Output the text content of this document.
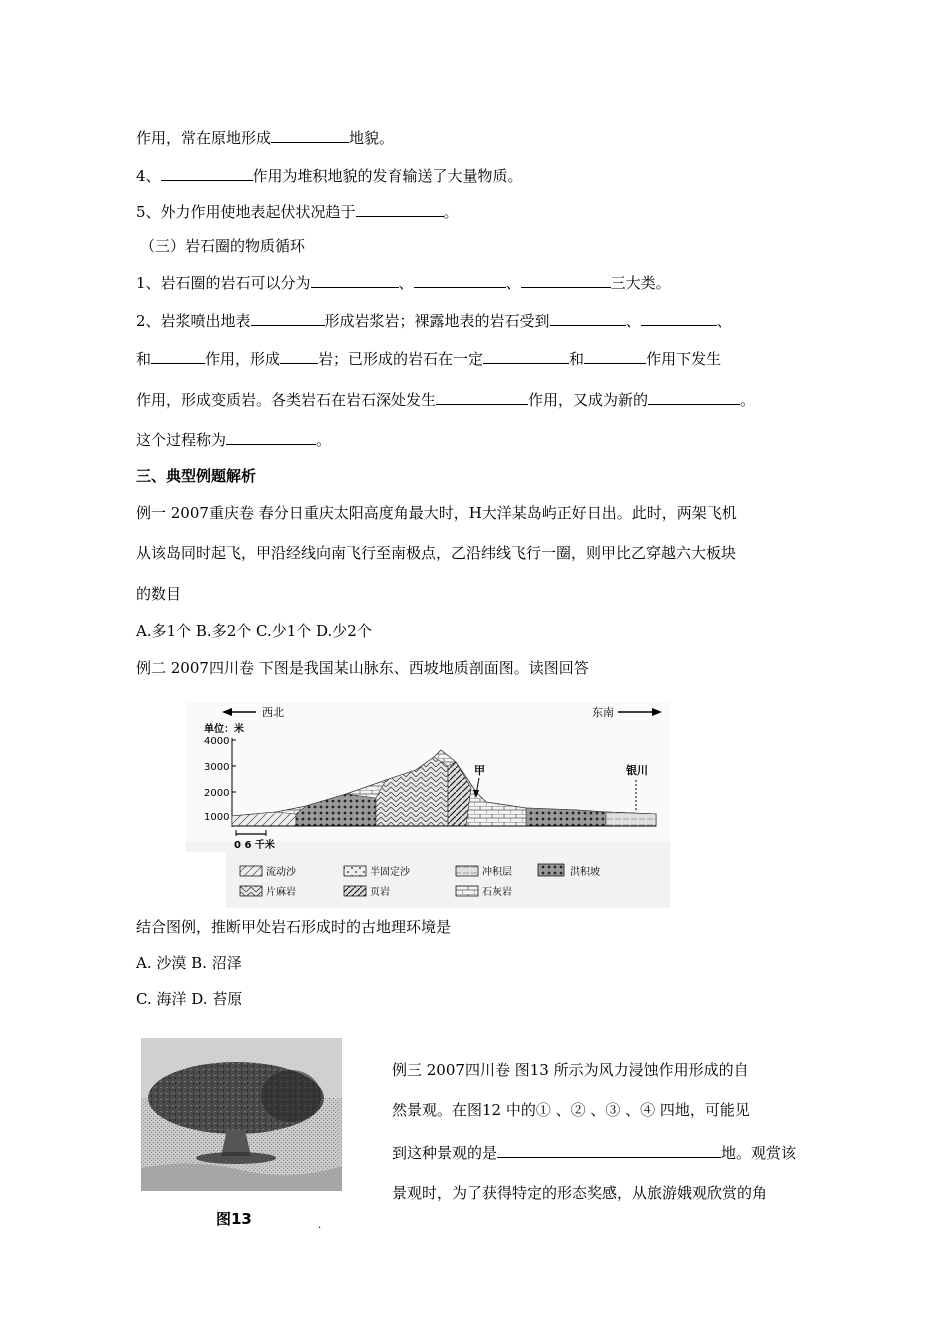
作用，常在原地形成	地貌。
4、	作用为堆积地貌的发育输送了大量物质。
5、外力作用使地表起伏状况趋于	。
（三）岩石圈的物质循环
1、岩石圈的岩石可以分为	、	、	三大类。
2、岩浆喷出地表	形成岩浆岩；裸露地表的岩石受到	、	、
和	作用，形成	岩；已形成的岩石在一定	和	作用下发生
作用，形成变质岩。各类岩石在岩石深处发生	作用，又成为新的	。
这个过程称为	。
三、典型例题解析
例一 2007重庆卷 春分日重庆太阳高度角最大时，H大洋某岛屿正好日出。此时，两架飞机
从该岛同时起飞，甲沿经线向南飞行至南极点，乙沿纬线飞行一圈，则甲比乙穿越六大板块
的数目
A.多1个 B.多2个 C.少1个 D.少2个
例二 2007四川卷 下图是我国某山脉东、西坡地质剖面图。读图回答
西北	东南
单位：米
4000
3000
2000
1000
甲	银川
0 6 千米
流动沙	半固定沙	冲积层	洪积坡
片麻岩	页岩	石灰岩
结合图例，推断甲处岩石形成时的古地理环境是
A. 沙漠 B. 沼泽
C. 海洋 D. 苔原
图13	.
例三 2007四川卷 图13 所示为风力浸蚀作用形成的自
然景观。在图12 中的① 、② 、③ 、④ 四地，可能见
到这种景观的是	地。观赏该
景观时，为了获得特定的形态奖感，从旅游娥观欣赏的角
